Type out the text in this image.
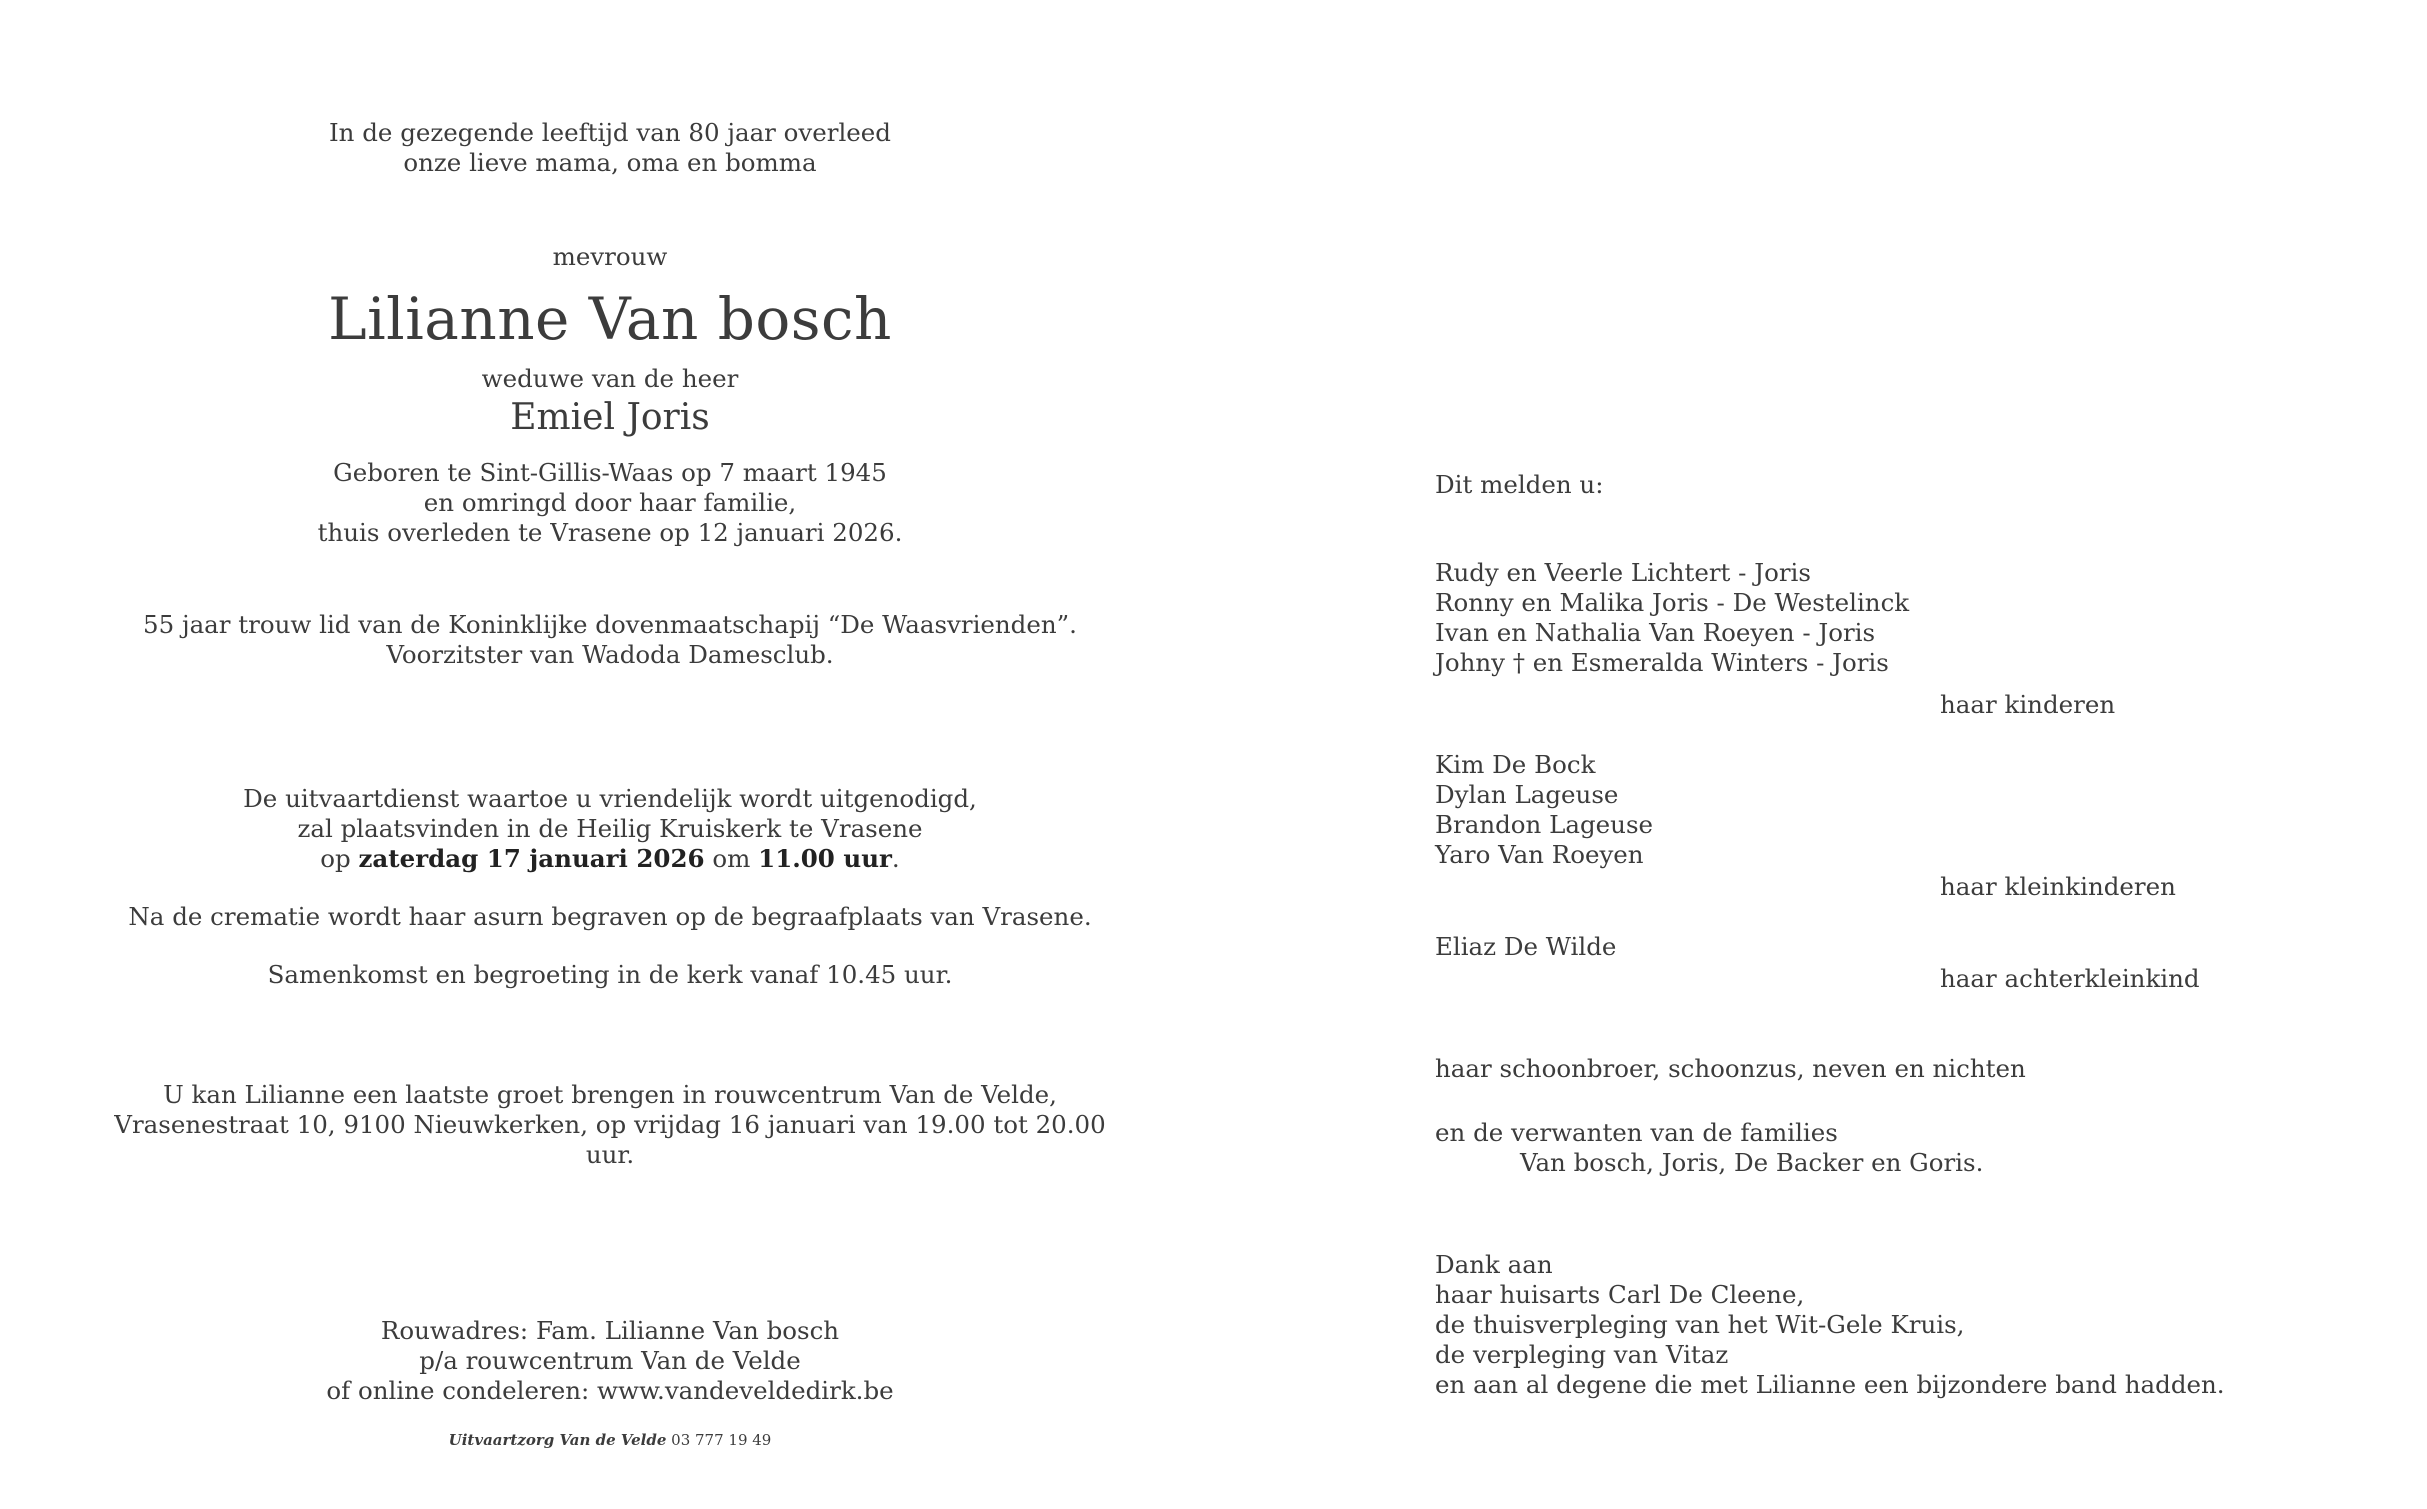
In de gezegende leeftijd van 80 jaar overleed
onze lieve mama, oma en bomma

mevrouw

Lilianne Van bosch

weduwe van de heer

Emiel Joris

Geboren te Sint-Gillis-Waas op 7 maart 1945
en omringd door haar familie,
thuis overleden te Vrasene op 12 januari 2026.

55 jaar trouw lid van de Koninklijke dovenmaatschapij “De Waasvrienden”.
Voorzitster van Wadoda Damesclub.

De uitvaartdienst waartoe u vriendelijk wordt uitgenodigd,
zal plaatsvinden in de Heilig Kruiskerk te Vrasene
op zaterdag 17 januari 2026 om 11.00 uur.

Na de crematie wordt haar asurn begraven op de begraafplaats van Vrasene.

Samenkomst en begroeting in de kerk vanaf 10.45 uur.

U kan Lilianne een laatste groet brengen in rouwcentrum Van de Velde,
Vrasenestraat 10, 9100 Nieuwkerken, op vrijdag 16 januari van 19.00 tot 20.00 uur.

Rouwadres: Fam. Lilianne Van bosch
p/a rouwcentrum Van de Velde
of online condeleren: www.vandeveldedirk.be

Uitvaartzorg Van de Velde 03 777 19 49

Dit melden u:

Rudy en Veerle Lichtert - Joris
Ronny en Malika Joris - De Westelinck
Ivan en Nathalia Van Roeyen - Joris
Johny † en Esmeralda Winters - Joris

haar kinderen

Kim De Bock
Dylan Lageuse
Brandon Lageuse
Yaro Van Roeyen

haar kleinkinderen

Eliaz De Wilde

haar achterkleinkind

haar schoonbroer, schoonzus, neven en nichten

en de verwanten van de families

Van bosch, Joris, De Backer en Goris.

Dank aan
haar huisarts Carl De Cleene,
de thuisverpleging van het Wit-Gele Kruis,
de verpleging van Vitaz
en aan al degene die met Lilianne een bijzondere band hadden.
